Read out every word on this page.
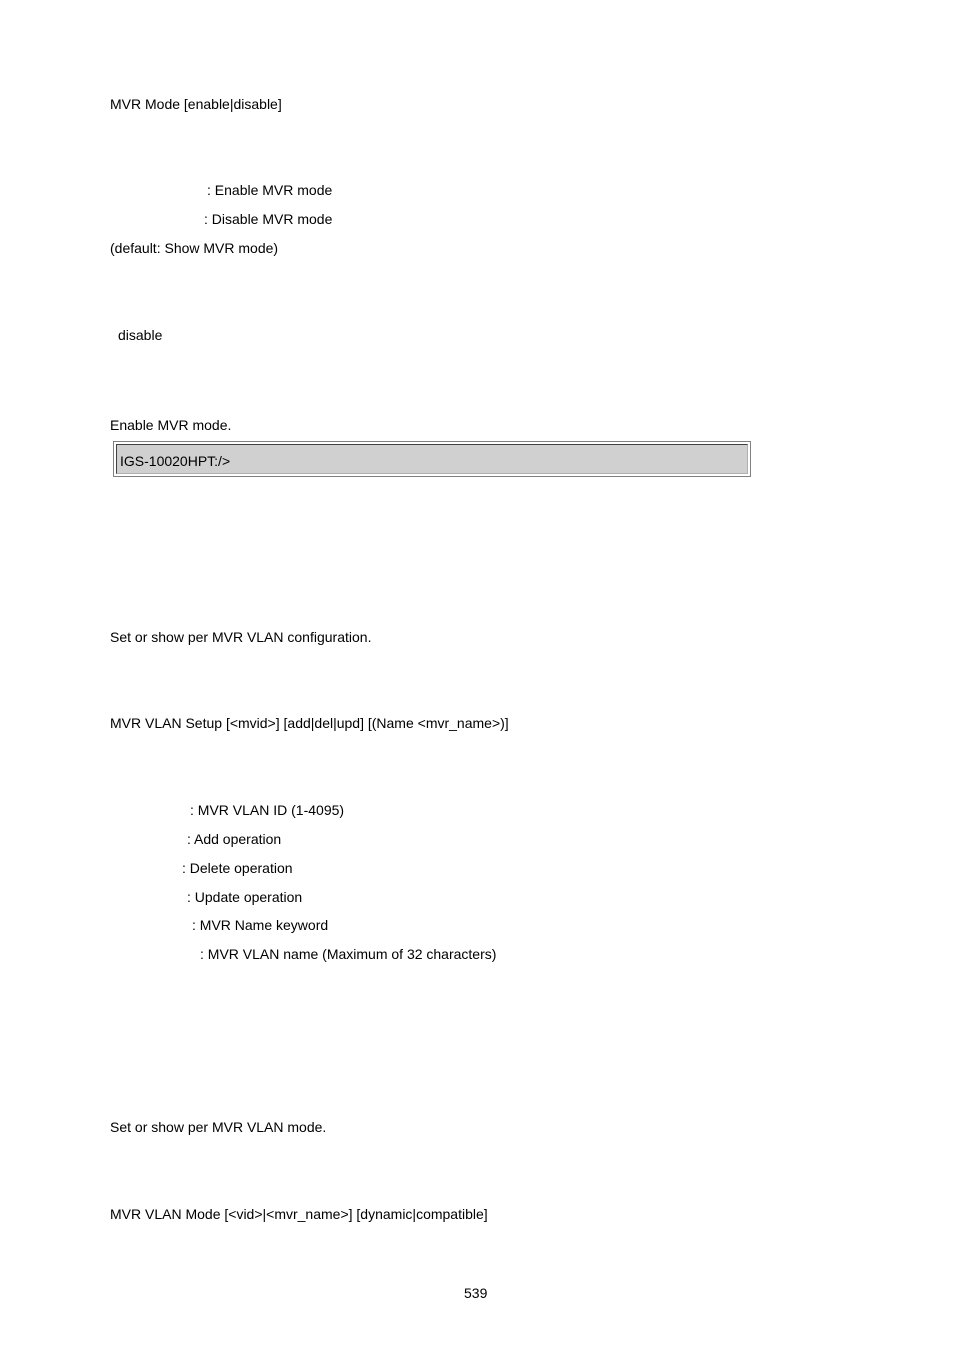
MVR Mode [enable|disable]
: Enable MVR mode
: Disable MVR mode
(default: Show MVR mode)
disable
Enable MVR mode.
IGS-10020HPT:/>
Set or show per MVR VLAN configuration.
MVR VLAN Setup [<mvid>] [add|del|upd] [(Name <mvr_name>)]
: MVR VLAN ID (1-4095)
: Add operation
: Delete operation
: Update operation
: MVR Name keyword
: MVR VLAN name (Maximum of 32 characters)
Set or show per MVR VLAN mode.
MVR VLAN Mode [<vid>|<mvr_name>] [dynamic|compatible]
539
